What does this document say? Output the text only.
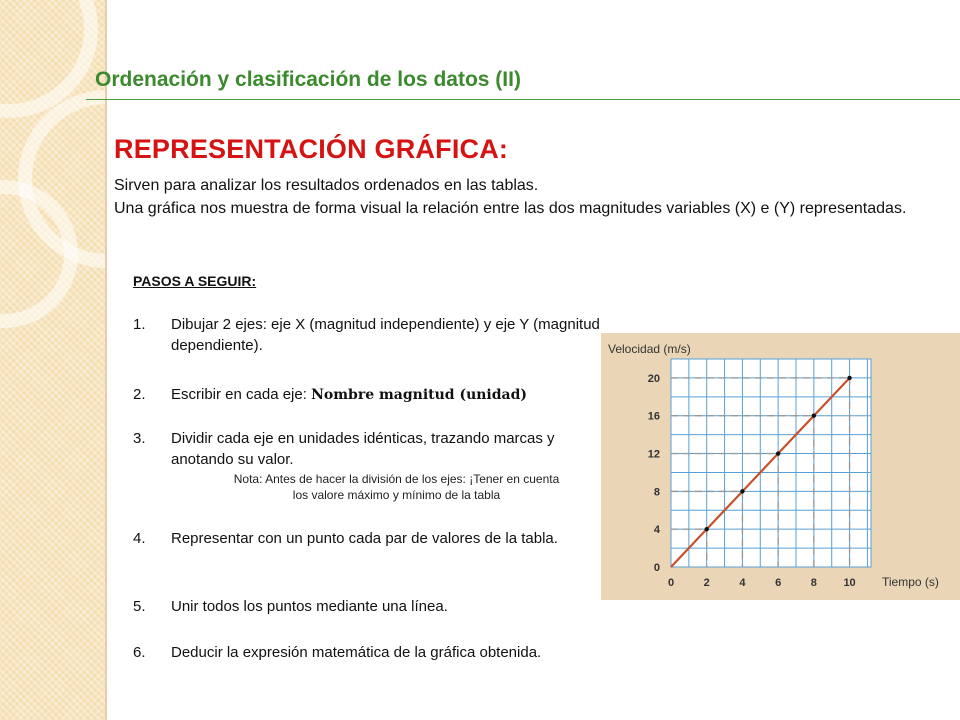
Ordenación y clasificación de los datos (II)
REPRESENTACIÓN GRÁFICA:

Sirven para analizar los resultados ordenados en las tablas.

Una gráfica nos muestra de forma visual la relación entre las dos magnitudes variables (X) e (Y) representadas.

PASOS A SEGUIR:
1. Dibujar 2 ejes: eje X (magnitud independiente) y eje Y (magnitud dependiente).
2. Escribir en cada eje: Nombre magnitud (unidad)
3. Dividir cada eje en unidades idénticas, trazando marcas y anotando su valor.
Nota: Antes de hacer la división de los ejes: ¡Tener en cuenta
los valore máximo y mínimo de la tabla
4. Representar con un punto cada par de valores de la tabla.
5. Unir todos los puntos mediante una línea.
6. Deducir la expresión matemática de la gráfica obtenida.
0	2	4	6	8 10
0
4
8
12
16
20
Velocidad (m/s)
Tiempo (s)
